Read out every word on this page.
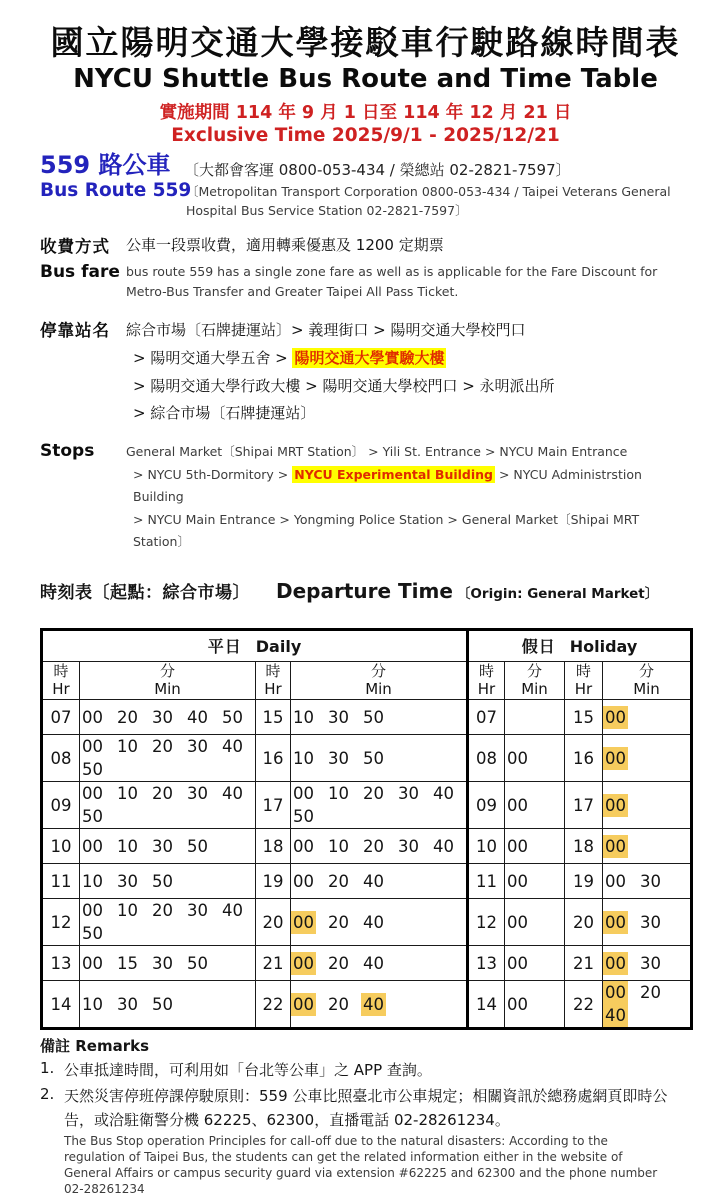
國立陽明交通大學接駁車行駛路線時間表
NYCU Shuttle Bus Route and Time Table
實施期間 114 年 9 月 1 日至 114 年 12 月 21 日
Exclusive Time 2025/9/1 - 2025/12/21
559 路公車 〔大都會客運 0800-053-434 / 榮總站 02-2821-7597〕
Bus Route 559
〔Metropolitan Transport Corporation 0800-053-434 / Taipei Veterans General Hospital Bus Service Station 02-2821-7597〕
收費方式	公車一段票收費，適用轉乘優惠及 1200 定期票
Bus fare bus route 559 has a single zone fare as well as is applicable for the Fare Discount for Metro-Bus Transfer and Greater Taipei All Pass Ticket.
停靠站名	綜合市場〔石牌捷運站〕> 義理街口 > 陽明交通大學校門口
> 陽明交通大學五舍 > 陽明交通大學實驗大樓
> 陽明交通大學行政大樓 > 陽明交通大學校門口 > 永明派出所
> 綜合市場〔石牌捷運站〕
Stops	General Market〔Shipai MRT Station〕 > Yili St. Entrance > NYCU Main Entrance
> NYCU 5th-Dormitory > NYCU Experimental Building > NYCU Administrstion Building
> NYCU Main Entrance > Yongming Police Station > General Market〔Shipai MRT Station〕
時刻表〔起點：綜合市場〕 Departure Time 〔Origin: General Market〕
平日 Daily				假日 Holiday			

時
Hr

分
Min

時
Hr

分
Min

時
Hr

分
Min

時
Hr

分
Min

07	00 20 30 40 50	15	10 30 50	07		15	00
08	00 10 20 30 4050	16	10 30 50	08	00	16	00
09	00 10 20 30 4050	17	00 10 20 30 4050	09	00	17	00
10	00 10 30 50	18	00 10 20 30 40	10	00	18	00
11	10 30 50	19	00 20 40	11	00	19	00 30
12	00 10 20 30 4050	20	00 20 40	12	00	20	00 30
13	00 15 30 50	21	00 20 40	13	00	21	00 30
14	10 30 50	22	00 20 40	14	00	22	00 2040
備註 Remarks
1. 公車抵達時間，可利用如「台北等公車」之 APP 查詢。
2. 天然災害停班停課停駛原則：559 公車比照臺北市公車規定；相關資訊於總務處網頁即時公告，或洽駐衛警分機 62225、62300，直播電話 02-28261234。
The Bus Stop operation Principles for call-off due to the natural disasters: According to the regulation of Taipei Bus, the students can get the related information either in the website of General Affairs or campus security guard via extension #62225 and 62300 and the phone number 02-28261234
